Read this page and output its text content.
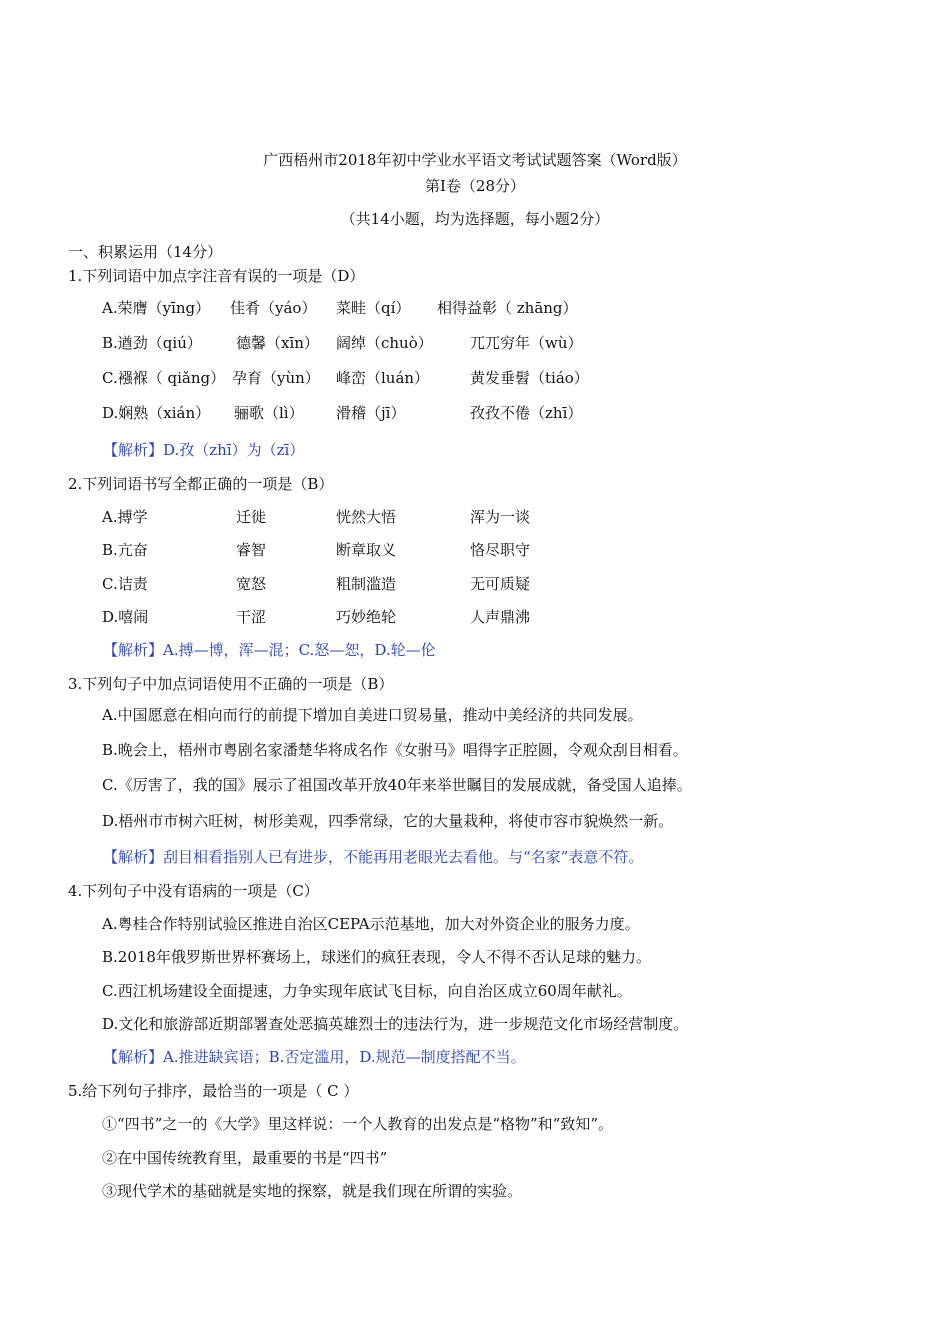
广西梧州市2018年初中学业水平语文考试试题答案（Word版）
第Ⅰ卷（28分）
（共14小题，均为选择题，每小题2分）
一、积累运用（14分）
1.下列词语中加点字注音有误的一项是（D）
A.荣膺（yīng） 佳肴（yáo） 菜畦（qí） 相得益彰（ zhāng）
B.遒劲（qiú） 德馨（xīn） 阔绰（chuò） 兀兀穷年（wù）
C.襁褓（ qiǎng） 孕育（yùn） 峰峦（luán）	黄发垂髫（tiáo）
D.娴熟（xián） 骊歌（lì） 滑稽（jī）	孜孜不倦（zhī）
【解析】D.孜（zhī）为（zī）
2.下列词语书写全都正确的一项是（B）
A.搏学	迁徙	恍然大悟	浑为一谈
B.亢奋	睿智	断章取义	恪尽职守
C.诘责	宽怒	粗制滥造	无可质疑
D.嘻闹	干涩	巧妙绝轮	人声鼎沸
【解析】A.搏—博，浑—混；C.怒—恕，D.轮—伦
3.下列句子中加点词语使用不正确的一项是（B）
A.中国愿意在相向而行的前提下增加自美进口贸易量，推动中美经济的共同发展。
B.晚会上，梧州市粤剧名家潘楚华将成名作《女驸马》唱得字正腔圆，令观众刮目相看。
C.《厉害了，我的国》展示了祖国改革开放40年来举世瞩目的发展成就，备受国人追捧。
D.梧州市市树六旺树，树形美观，四季常绿，它的大量栽种，将使市容市貌焕然一新。
【解析】刮目相看指别人已有进步，不能再用老眼光去看他。与“名家”表意不符。
4.下列句子中没有语病的一项是（C）
A.粤桂合作特别试验区推进自治区CEPA示范基地，加大对外资企业的服务力度。
B.2018年俄罗斯世界杯赛场上，球迷们的疯狂表现，令人不得不否认足球的魅力。
C.西江机场建设全面提速，力争实现年底试飞目标，向自治区成立60周年献礼。
D.文化和旅游部近期部署查处恶搞英雄烈士的违法行为，进一步规范文化市场经营制度。
【解析】A.推进缺宾语；B.否定滥用，D.规范—制度搭配不当。
5.给下列句子排序，最恰当的一项是（ C ）
①“四书”之一的《大学》里这样说：一个人教育的出发点是“格物”和“致知”。
②在中国传统教育里，最重要的书是“四书”
③现代学术的基础就是实地的探察，就是我们现在所谓的实验。
